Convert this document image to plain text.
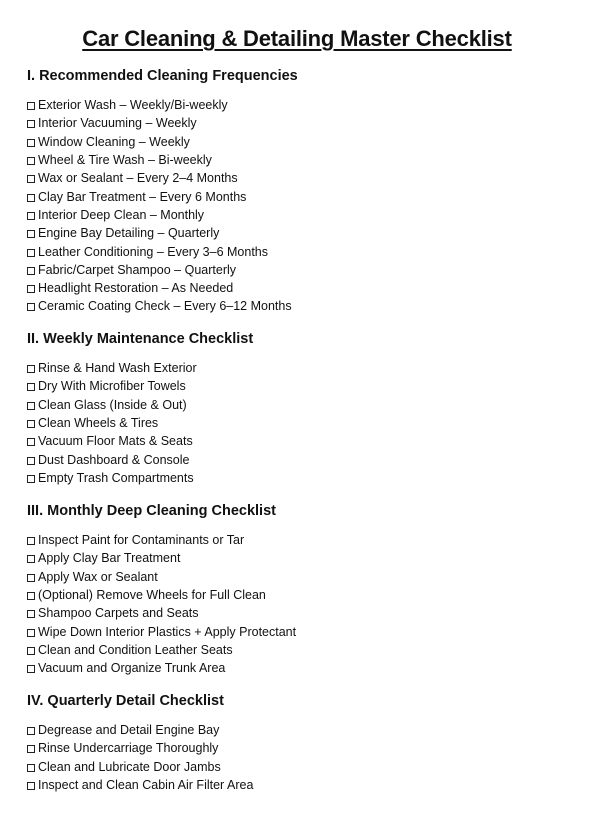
Car Cleaning & Detailing Master Checklist
I. Recommended Cleaning Frequencies
Exterior Wash – Weekly/Bi-weekly
Interior Vacuuming – Weekly
Window Cleaning – Weekly
Wheel & Tire Wash – Bi-weekly
Wax or Sealant – Every 2–4 Months
Clay Bar Treatment – Every 6 Months
Interior Deep Clean – Monthly
Engine Bay Detailing – Quarterly
Leather Conditioning – Every 3–6 Months
Fabric/Carpet Shampoo – Quarterly
Headlight Restoration – As Needed
Ceramic Coating Check – Every 6–12 Months
II. Weekly Maintenance Checklist
Rinse & Hand Wash Exterior
Dry With Microfiber Towels
Clean Glass (Inside & Out)
Clean Wheels & Tires
Vacuum Floor Mats & Seats
Dust Dashboard & Console
Empty Trash Compartments
III. Monthly Deep Cleaning Checklist
Inspect Paint for Contaminants or Tar
Apply Clay Bar Treatment
Apply Wax or Sealant
(Optional) Remove Wheels for Full Clean
Shampoo Carpets and Seats
Wipe Down Interior Plastics + Apply Protectant
Clean and Condition Leather Seats
Vacuum and Organize Trunk Area
IV. Quarterly Detail Checklist
Degrease and Detail Engine Bay
Rinse Undercarriage Thoroughly
Clean and Lubricate Door Jambs
Inspect and Clean Cabin Air Filter Area
